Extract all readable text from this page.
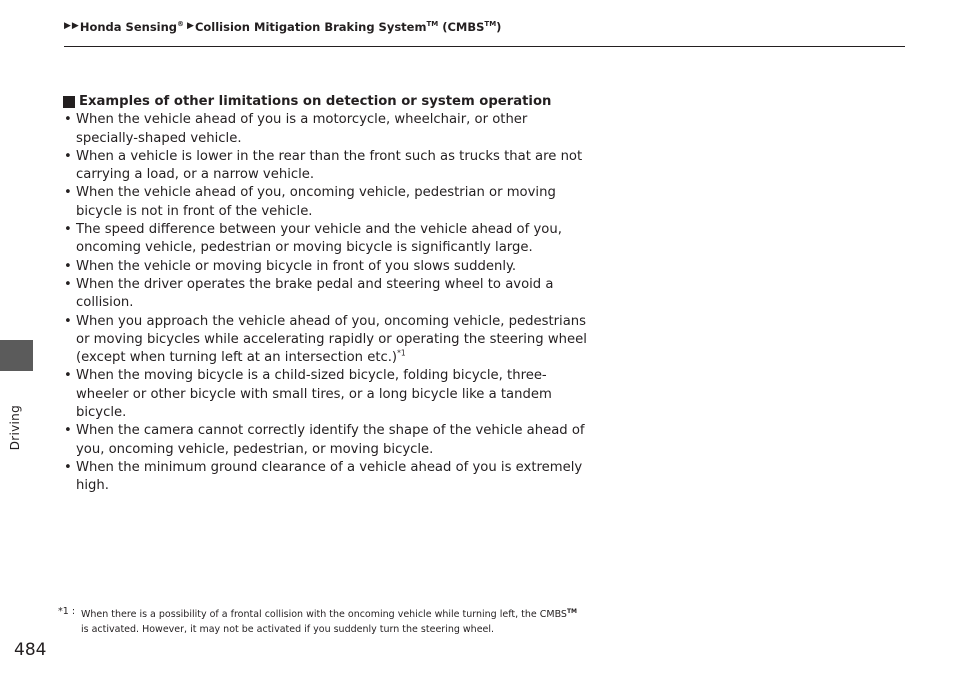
▶ ▶ Honda Sensing® ▶ Collision Mitigation Braking System™ (CMBS™)
Driving
Examples of other limitations on detection or system operation
• When the vehicle ahead of you is a motorcycle, wheelchair, or other specially-shaped vehicle.
• When a vehicle is lower in the rear than the front such as trucks that are not carrying a load, or a narrow vehicle.
• When the vehicle ahead of you, oncoming vehicle, pedestrian or moving bicycle is not in front of the vehicle.
• The speed difference between your vehicle and the vehicle ahead of you, oncoming vehicle, pedestrian or moving bicycle is significantly large.
• When the vehicle or moving bicycle in front of you slows suddenly.
• When the driver operates the brake pedal and steering wheel to avoid a collision.
• When you approach the vehicle ahead of you, oncoming vehicle, pedestrians or moving bicycles while accelerating rapidly or operating the steering wheel (except when turning left at an intersection etc.)$^{*1}$
• When the moving bicycle is a child-sized bicycle, folding bicycle, three-wheeler or other bicycle with small tires, or a long bicycle like a tandem bicycle.
• When the camera cannot correctly identify the shape of the vehicle ahead of you, oncoming vehicle, pedestrian, or moving bicycle.
• When the minimum ground clearance of a vehicle ahead of you is extremely high.
*1 : When there is a possibility of a frontal collision with the oncoming vehicle while turning left, the CMBS™
is activated. However, it may not be activated if you suddenly turn the steering wheel.
484
